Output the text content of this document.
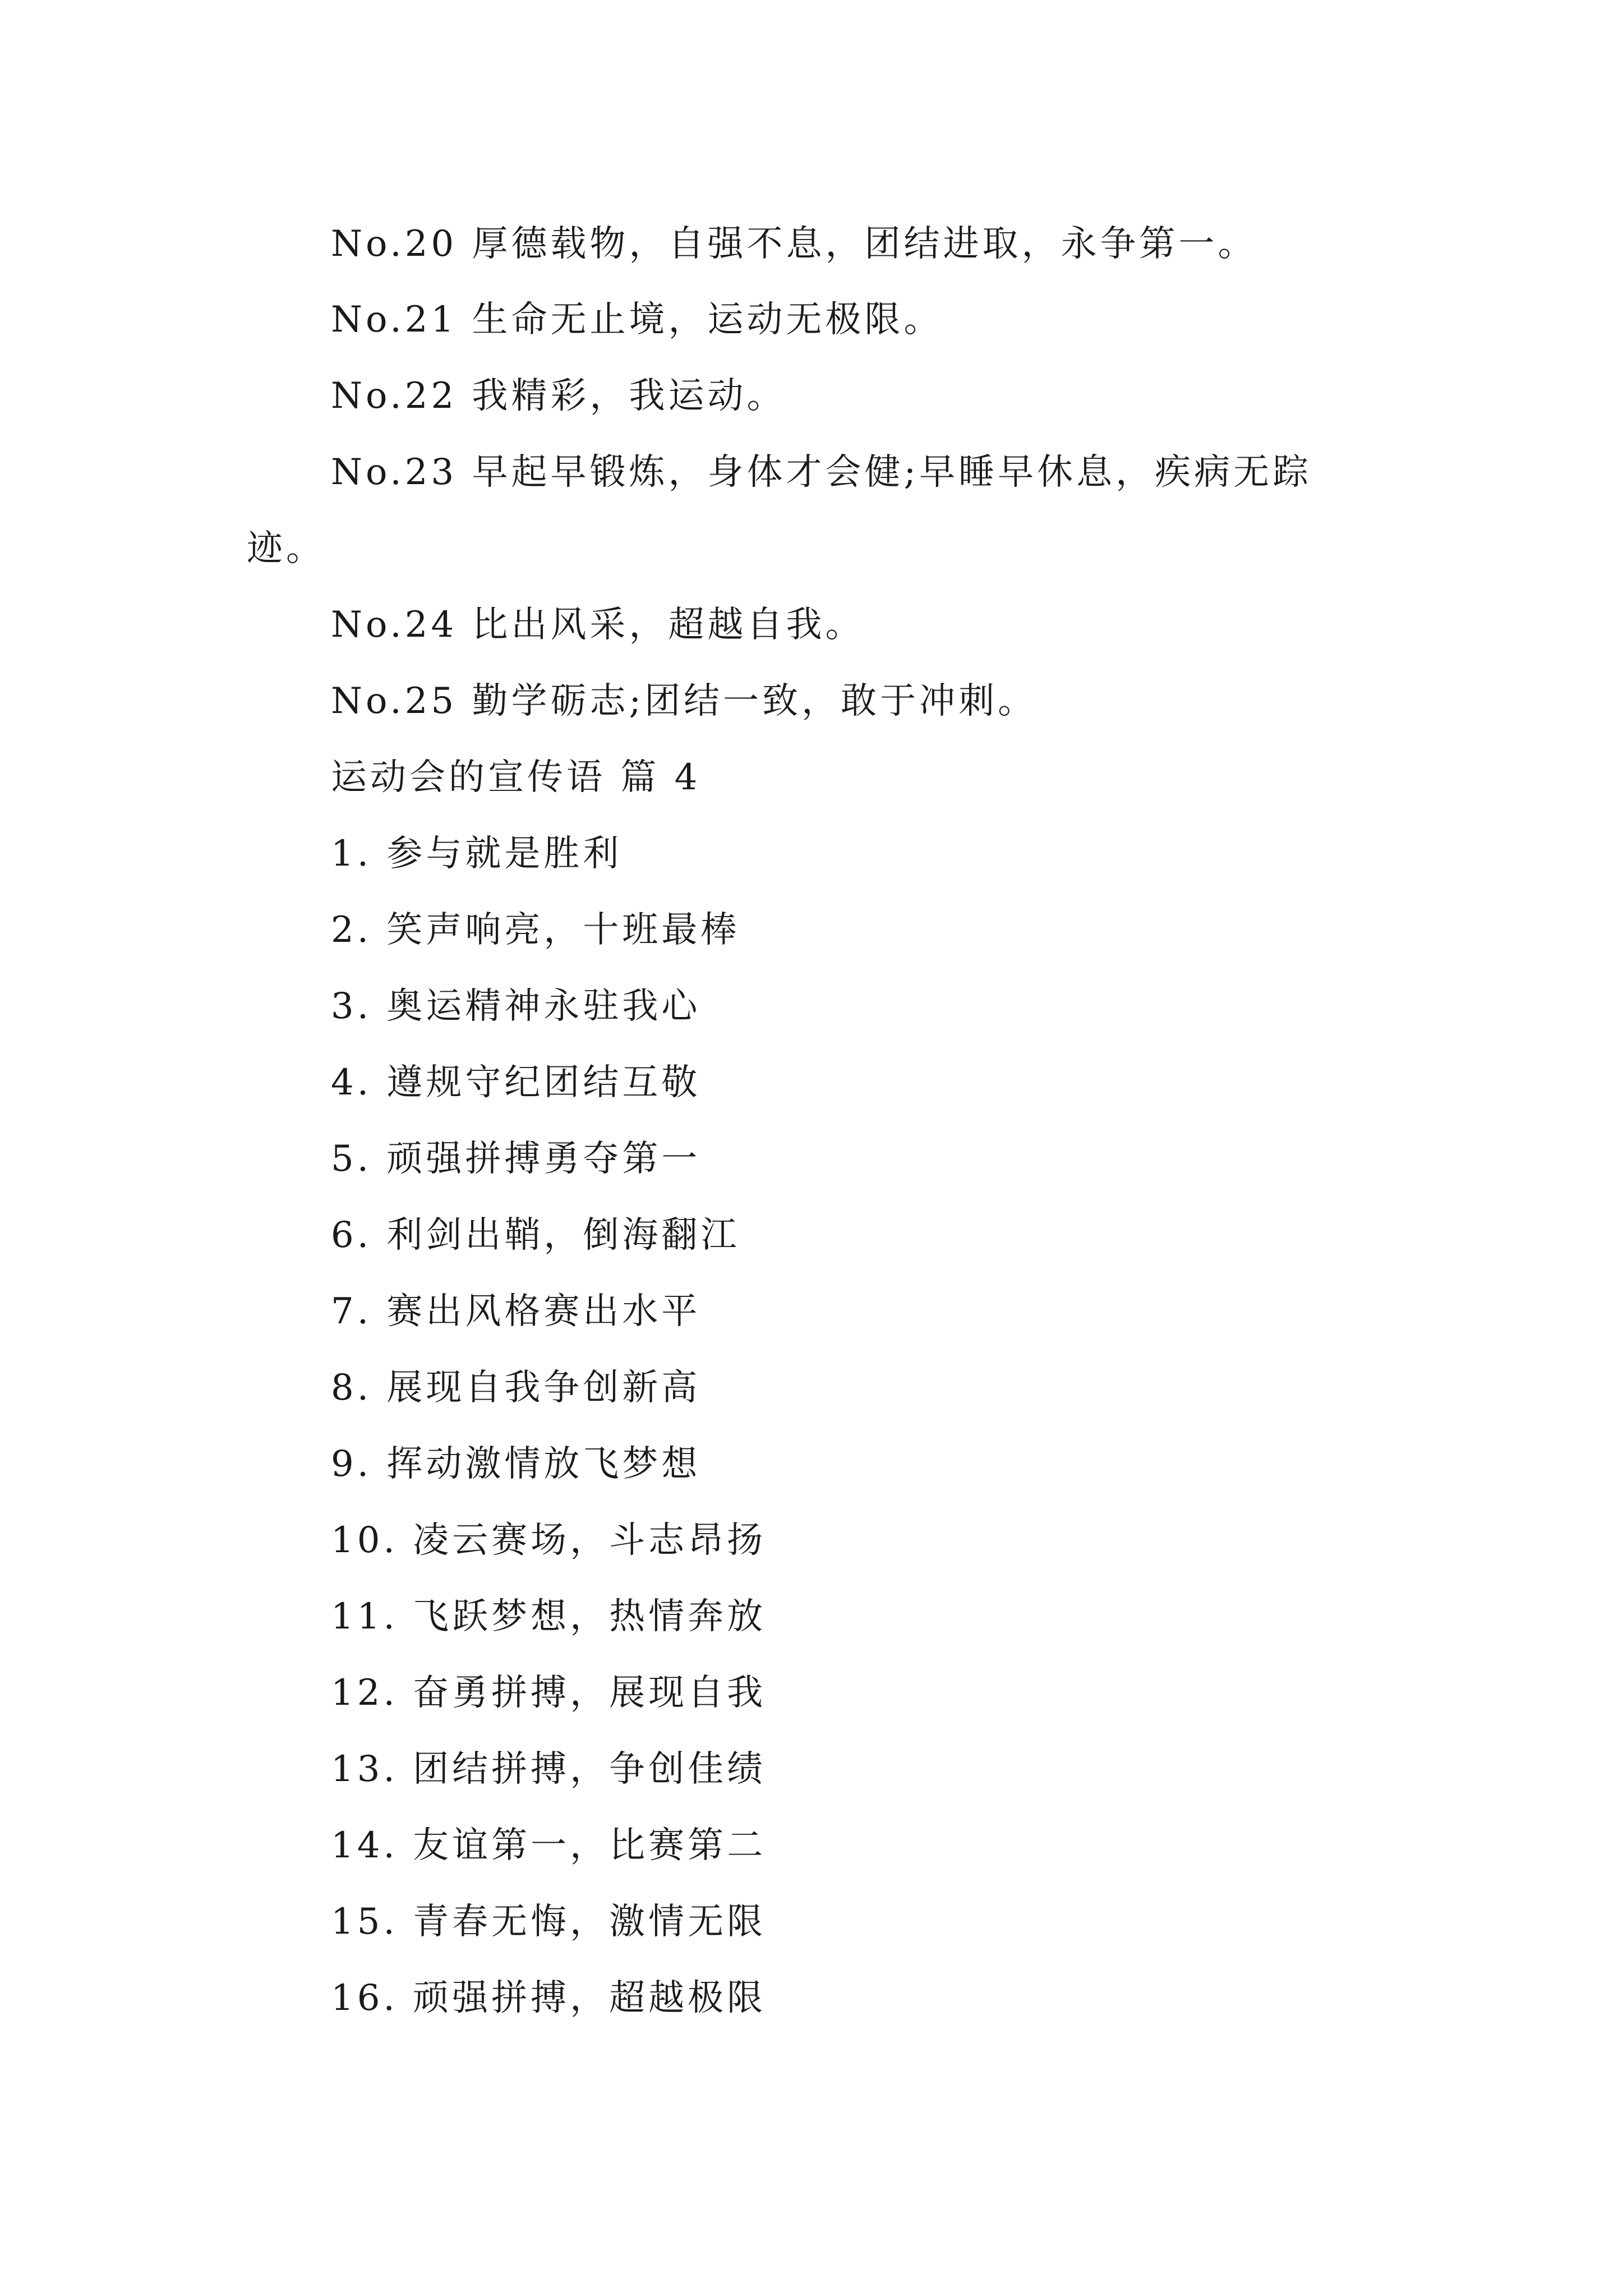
No.20 厚德载物，自强不息，团结进取，永争第一。
No.21 生命无止境，运动无极限。
No.22 我精彩，我运动。
No.23 早起早锻炼，身体才会健;早睡早休息，疾病无踪
迹。
No.24 比出风采，超越自我。
No.25 勤学砺志;团结一致，敢于冲刺。
运动会的宣传语 篇 4
1. 参与就是胜利
2. 笑声响亮，十班最棒
3. 奥运精神永驻我心
4. 遵规守纪团结互敬
5. 顽强拼搏勇夺第一
6. 利剑出鞘，倒海翻江
7. 赛出风格赛出水平
8. 展现自我争创新高
9. 挥动激情放飞梦想
10. 凌云赛场，斗志昂扬
11. 飞跃梦想，热情奔放
12. 奋勇拼搏，展现自我
13. 团结拼搏，争创佳绩
14. 友谊第一，比赛第二
15. 青春无悔，激情无限
16. 顽强拼搏，超越极限
